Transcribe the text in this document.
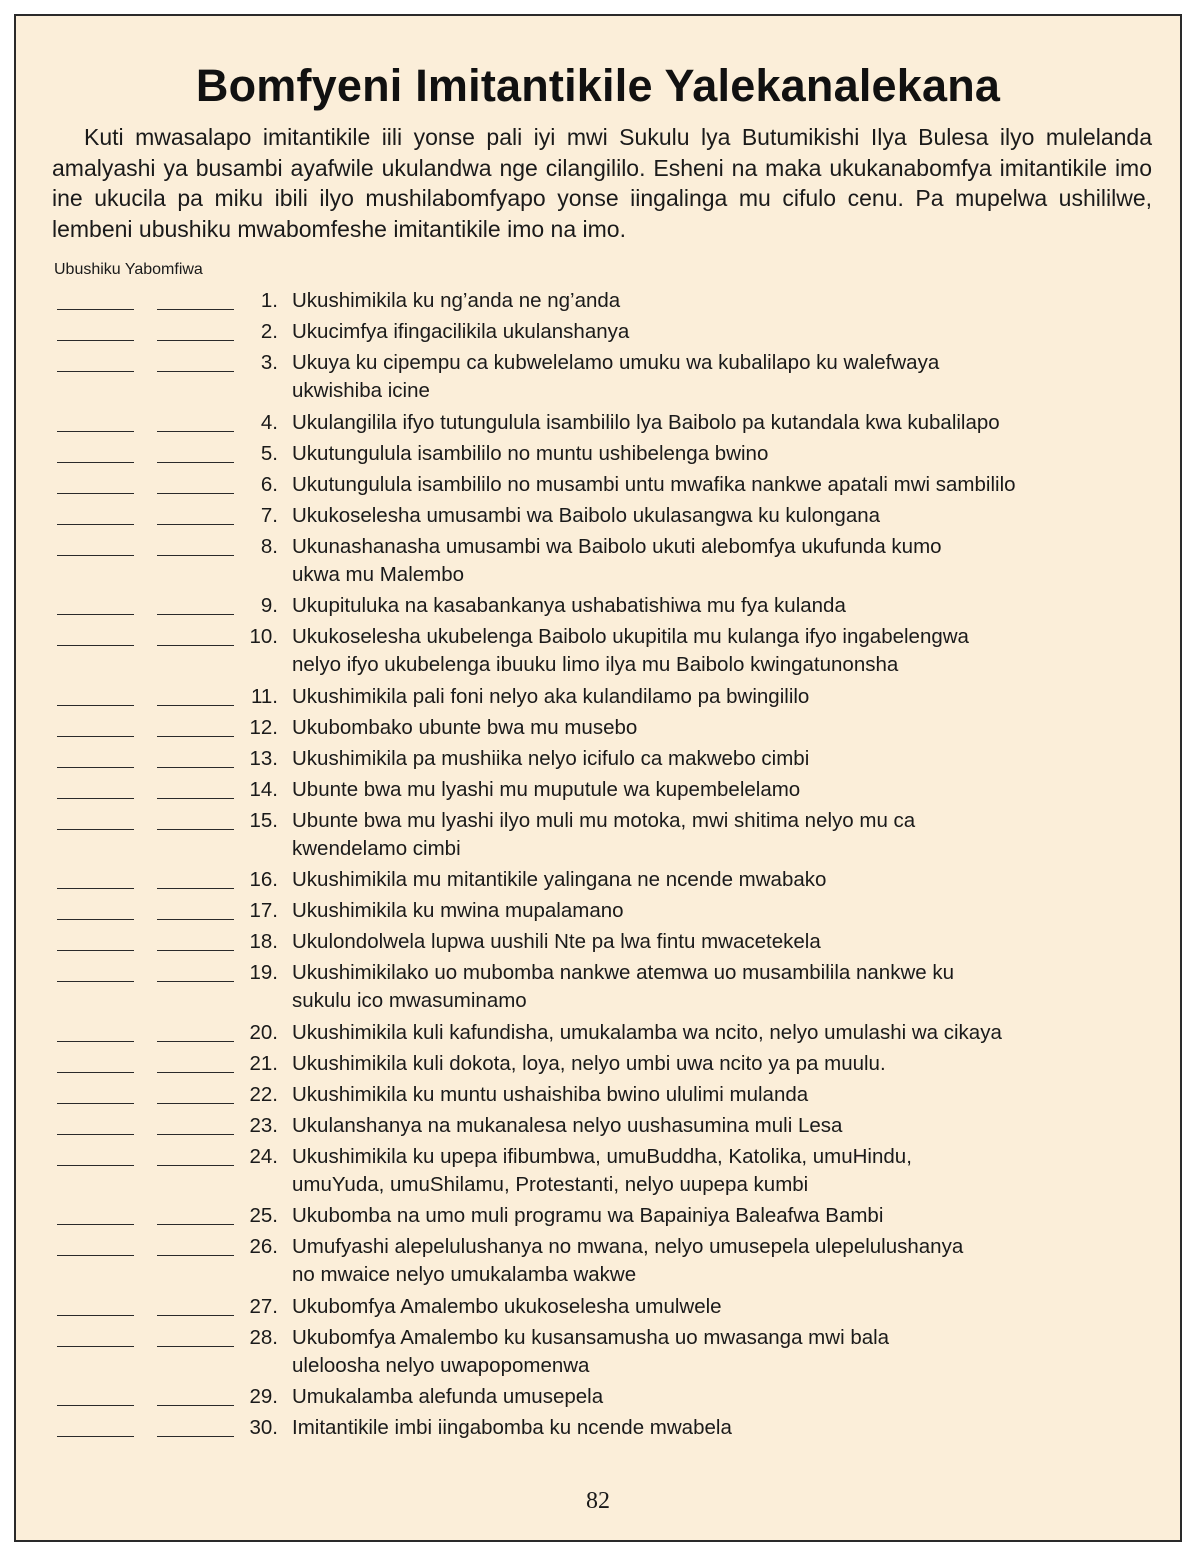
Bomfyeni Imitantikile Yalekanalekana
Kuti mwasalapo imitantikile iili yonse pali iyi mwi Sukulu lya Butumikishi Ilya Bulesa ilyo mulelanda amalyashi ya busambi ayafwile ukulandwa nge cilangililo. Esheni na maka ukukanabomfya imitantikile imo ine ukucila pa miku ibili ilyo mushilabomfyapo yonse iingalinga mu cifulo cenu. Pa mupelwa ushililwe, lembeni ubushiku mwabomfeshe imitantikile imo na imo.
Ubushiku Yabomfiwa
1. Ukushimikila ku ng’anda ne ng’anda
2. Ukucimfya ifingacilikila ukulanshanya
3. Ukuya ku cipempu ca kubwelelamo umuku wa kubalilapo ku walefwaya
ukwishiba icine
4. Ukulangilila ifyo tutungulula isambililo lya Baibolo pa kutandala kwa kubalilapo
5. Ukutungulula isambililo no muntu ushibelenga bwino
6. Ukutungulula isambililo no musambi untu mwafika nankwe apatali mwi sambililo
7. Ukukoselesha umusambi wa Baibolo ukulasangwa ku kulongana
8. Ukunashanasha umusambi wa Baibolo ukuti alebomfya ukufunda kumo
ukwa mu Malembo
9. Ukupituluka na kasabankanya ushabatishiwa mu fya kulanda
10. Ukukoselesha ukubelenga Baibolo ukupitila mu kulanga ifyo ingabelengwa
nelyo ifyo ukubelenga ibuuku limo ilya mu Baibolo kwingatunonsha
11. Ukushimikila pali foni nelyo aka kulandilamo pa bwingililo
12. Ukubombako ubunte bwa mu musebo
13. Ukushimikila pa mushiika nelyo icifulo ca makwebo cimbi
14. Ubunte bwa mu lyashi mu muputule wa kupembelelamo
15. Ubunte bwa mu lyashi ilyo muli mu motoka, mwi shitima nelyo mu ca
kwendelamo cimbi
16. Ukushimikila mu mitantikile yalingana ne ncende mwabako
17. Ukushimikila ku mwina mupalamano
18. Ukulondolwela lupwa uushili Nte pa lwa fintu mwacetekela
19. Ukushimikilako uo mubomba nankwe atemwa uo musambilila nankwe ku
sukulu ico mwasuminamo
20. Ukushimikila kuli kafundisha, umukalamba wa ncito, nelyo umulashi wa cikaya
21. Ukushimikila kuli dokota, loya, nelyo umbi uwa ncito ya pa muulu.
22. Ukushimikila ku muntu ushaishiba bwino ululimi mulanda
23. Ukulanshanya na mukanalesa nelyo uushasumina muli Lesa
24. Ukushimikila ku upepa ifibumbwa, umuBuddha, Katolika, umuHindu,
umuYuda, umuShilamu, Protestanti, nelyo uupepa kumbi
25. Ukubomba na umo muli programu wa Bapainiya Baleafwa Bambi
26. Umufyashi alepelulushanya no mwana, nelyo umusepela ulepelulushanya
no mwaice nelyo umukalamba wakwe
27. Ukubomfya Amalembo ukukoselesha umulwele
28. Ukubomfya Amalembo ku kusansamusha uo mwasanga mwi bala
uleloosha nelyo uwapopomenwa
29. Umukalamba alefunda umusepela
30. Imitantikile imbi iingabomba ku ncende mwabela
82
